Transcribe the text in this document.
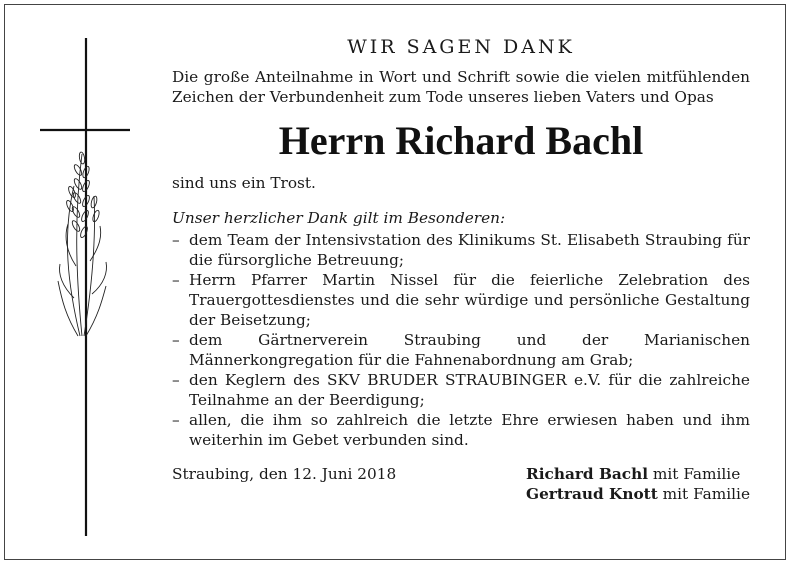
WIR SAGEN DANK

Die große Anteilnahme in Wort und Schrift sowie die vielen mitfühlenden Zeichen der Verbundenheit zum Tode unseres lieben Vaters und Opas

Herrn Richard Bachl

sind uns ein Trost.

Unser herzlicher Dank gilt im Besonderen:

– dem Team der Intensivstation des Klinikums St. Elisabeth Straubing für die fürsorgliche Betreuung;
– Herrn Pfarrer Martin Nissel für die feierliche Zelebration des Trauergottesdienstes und die sehr würdige und persönliche Gestaltung der Beisetzung;
– dem Gärtnerverein Straubing und der Marianischen Männerkongregation für die Fahnenabordnung am Grab;
– den Keglern des SKV BRUDER STRAUBINGER e.V. für die zahlreiche Teilnahme an der Beerdigung;
– allen, die ihm so zahlreich die letzte Ehre erwiesen haben und ihm weiterhin im Gebet verbunden sind.
Straubing, den 12. Juni 2018	Richard Bachl mit Familie
Gertraud Knott mit Familie
